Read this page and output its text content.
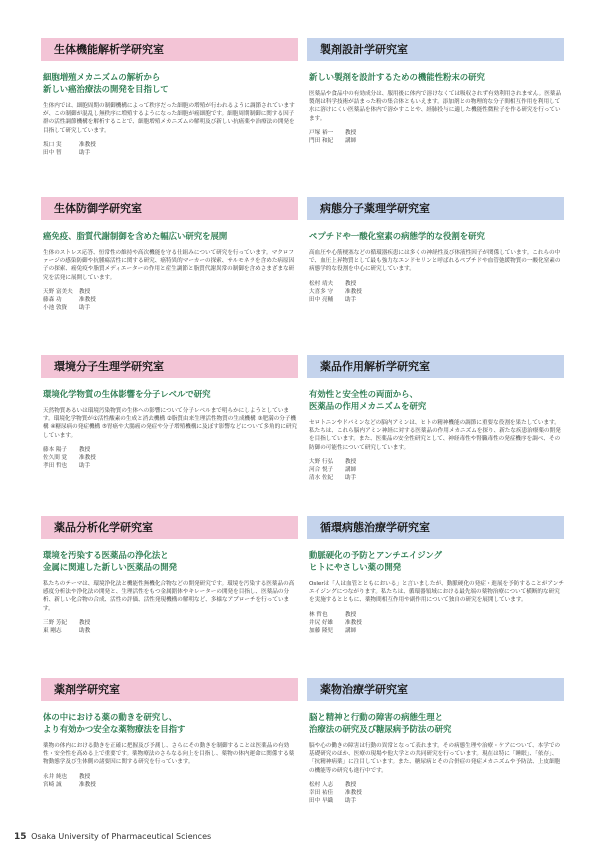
生体機能解析学研究室
細胞増殖メカニズムの解析から
新しい癌治療法の開発を目指して
生体内では、細胞周期の制御機構によって秩序だった細胞の増殖が行われるように調節されていますが、この制御が混乱し無秩序に増殖するようになった細胞が癌細胞です。細胞周期制御に関する因子群の活性調節機構を解析することで、細胞増殖メカニズムの解明及び新しい抗癌薬や治療法の開発を目指して研究しています。
坂口 実	准教授
田中 智	助手
製剤設計学研究室
新しい製剤を設計するための機能性粉末の研究
医薬品や食品中の有効成分は、服用後に体内で溶けなくては吸収されず有効利用されません。医薬品製剤は科学技術が詰まった粉の集合体ともいえます。添加剤との物理的な分子間相互作用を利用して水に溶けにくい医薬品を体内で溶かすことや、経肺投与に適した機能性微粒子を作る研究を行っています。
戸塚 裕一 教授
門田 和紀 講師
生体防御学研究室
癌免疫、脂質代謝制御を含めた幅広い研究を展開
生体のストレス応答、恒常性の維持や高次機能を守る仕組みについて研究を行っています。マクロファージの感染防御や抗腫瘍活性に関する研究、癌特異的マーカーの探索、サルモネラを含めた病原因子の探索、癌免疫や脂質メディエーターの作用と産生調節と脂質代謝異常の制御を含めさまざまな研究を活発に展開しています。
天野 富美夫 教授
藤森 功	准教授
小池 敦資 助手
病態分子薬理学研究室
ペプチドや一酸化窒素の病態学的な役割を研究
高血圧や心筋梗塞などの循環器疾患には多くの神経性及び体液性因子が関係しています。これらの中で、血圧上昇物質として最も強力なエンドセリンと呼ばれるペプチドや血管弛緩物質の一酸化窒素の病態学的な役割を中心に研究しています。
松村 靖夫 教授
大喜多 守 准教授
田中 亮輔 助手
環境分子生理学研究室
環境化学物質の生体影響を分子レベルで研究
天然物質あるいは環境汚染物質の生体への影響について分子レベルまで明らかにしようとしています。環境化学物質が①活性酸素の生成と消去機構 ②脂質由来生理活性物質の生成機構 ③肥満の分子機構 ④糖尿病の発症機構 ⑤胃癌や大腸癌の発症や分子増殖機構に及ぼす影響などについて多角的に研究しています。
藤本 陽子 教授
佐久間 覚 准教授
孝田 哲也 助手
薬品作用解析学研究室
有効性と安全性の両面から、
医薬品の作用メカニズムを研究
セロトニンやドパミンなどの脳内アミンは、ヒトの精神機能の調節に重要な役割を果たしています。私たちは、これら脳内アミン神経に対する医薬品の作用メカニズムを探り、新たな疾患治療薬の開発を目指しています。また、医薬品の安全性研究として、神経毒性や腎臓毒性の発症機序を調べ、その防御の可能性について研究しています。
大野 行弘 教授
河合 悦子 講師
清水 佐紀 助手
薬品分析化学研究室
環境を汚染する医薬品の浄化法と
金属に関連した新しい医薬品の開発
私たちのテーマは、環境浄化法と機能性無機化合物などの開発研究です。環境を汚染する医薬品の高感度分析法や浄化法の開発と、生理活性をもつ金属錯体やキレーターの開発を目指し、医薬品の分析、新しい化合物の合成、活性の評価、活性発現機構の解明など、多様なアプローチを行っています。
三野 芳紀 教授
東 剛志	助教
循環病態治療学研究室
動脈硬化の予防とアンチエイジング
ヒトにやさしい薬の開発
Oslerは「人は血管とともにおいる」と言いましたが、動脈硬化の発症・進展を予防することがアンチエイジングにつながります。私たちは、循環器領域における最先端の薬物治療について横断的な研究を実施するとともに、薬物間相互作用や副作用について独自の研究を展開しています。
林 哲也	教授
井尻 好雄 准教授
加藤 隆児 講師
薬剤学研究室
体の中における薬の動きを研究し、
より有効かつ安全な薬物療法を目指す
薬物の体内における動きを正確に把握及び予測し、さらにその動きを制御することは医薬品の有効性・安全性を高める上で重要です。薬物療法のさらなる向上を目指し、薬物の体内運命に関係する薬物動態学及び生体側の諸要因に関する研究を行っています。
永井 純也 教授
宮崎 誠	准教授
薬物治療学研究室
脳と精神と行動の障害の病態生理と
治療法の研究及び糖尿病予防法の研究
脳や心の働きの障害は行動の異常となって表れます。その病態生理や治療・ケアについて、本学での基礎研究のほか、医療の現場や他大学との共同研究を行っています。現在は特に「睡眠」、「依存」、「抗精神病薬」に注目しています。また、糖尿病とその合併症の発症メカニズムや予防法、上皮細胞の機能等の研究も進行中です。
松村 人志 教授
幸田 祐佳 准教授
田中 早織 助手
15 Osaka University of Pharmaceutical Sciences
